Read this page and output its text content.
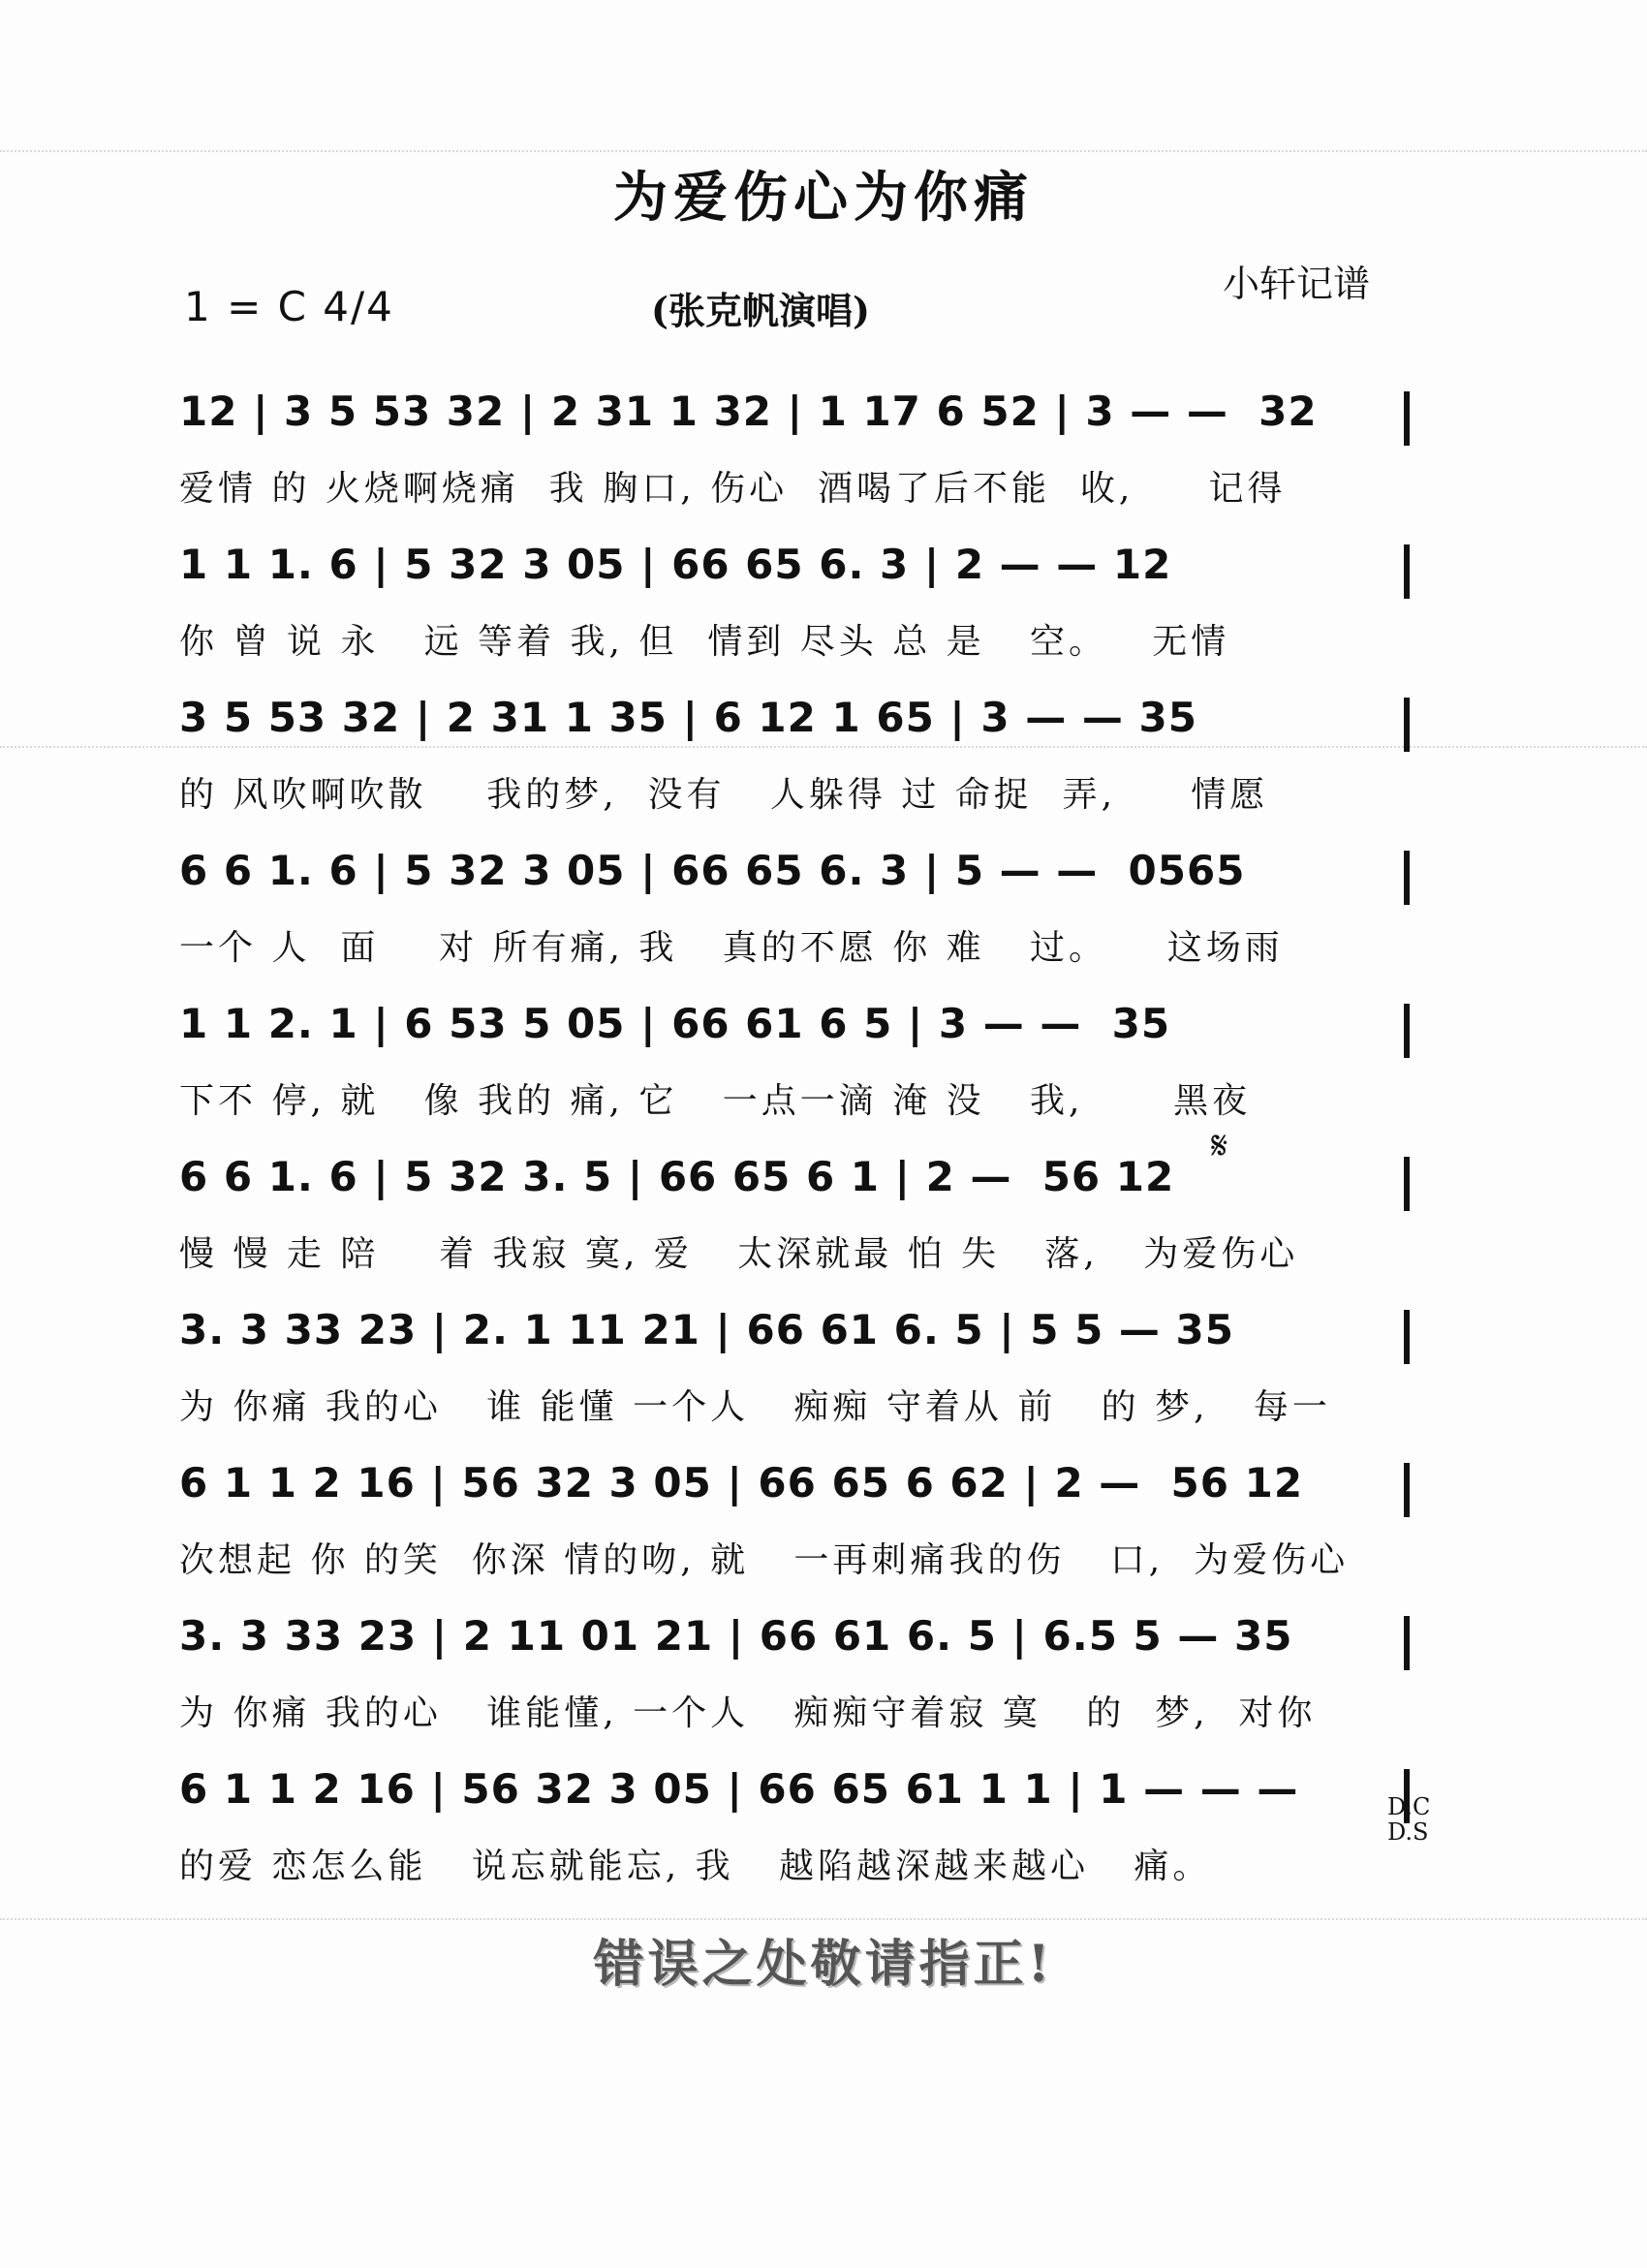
为爱伤心为你痛
1 = C 4/4	(张克帆演唱)
小轩记谱
12 | 3 5 53 32 | 2 31 1 32 | 1 17 6 52 | 3 — —  32
爱情 的 火烧啊烧痛  我 胸口, 伤心  酒喝了后不能  收,     记得
1 1 1. 6 | 5 32 3 05 | 66 65 6. 3 | 2 — — 12
你 曾 说 永   远 等着 我, 但  情到 尽头 总 是   空。   无情
3 5 53 32 | 2 31 1 35 | 6 12 1 65 | 3 — — 35
的 风吹啊吹散    我的梦,  没有   人躲得 过 命捉  弄,     情愿
6 6 1. 6 | 5 32 3 05 | 66 65 6. 3 | 5 — —  0565
一个 人  面    对 所有痛, 我   真的不愿 你 难   过。    这场雨
1 1 2. 1 | 6 53 5 05 | 66 61 6 5 | 3 — —  35
下不 停, 就   像 我的 痛, 它   一点一滴 淹 没   我,      黑夜
6 6 1. 6 | 5 32 3. 5 | 66 65 6 1 | 2 —  56 12
慢 慢 走 陪    着 我寂 寞, 爱   太深就最 怕 失   落,   为爱伤心
3. 3 33 23 | 2. 1 11 21 | 66 61 6. 5 | 5 5 — 35
为 你痛 我的心   谁 能懂 一个人   痴痴 守着从 前   的 梦,   每一
6 1 1 2 16 | 56 32 3 05 | 66 65 6 62 | 2 —  56 12
次想起 你 的笑  你深 情的吻, 就   一再刺痛我的伤   口,  为爱伤心
3. 3 33 23 | 2 11 01 21 | 66 61 6. 5 | 6.5 5 — 35
为 你痛 我的心   谁能懂, 一个人   痴痴守着寂 寞   的  梦,  对你
6 1 1 2 16 | 56 32 3 05 | 66 65 61 1 1 | 1 — — —
的爱 恋怎么能   说忘就能忘, 我   越陷越深越来越心   痛。
𝄋
D.C
D.S
错误之处敬请指正!
